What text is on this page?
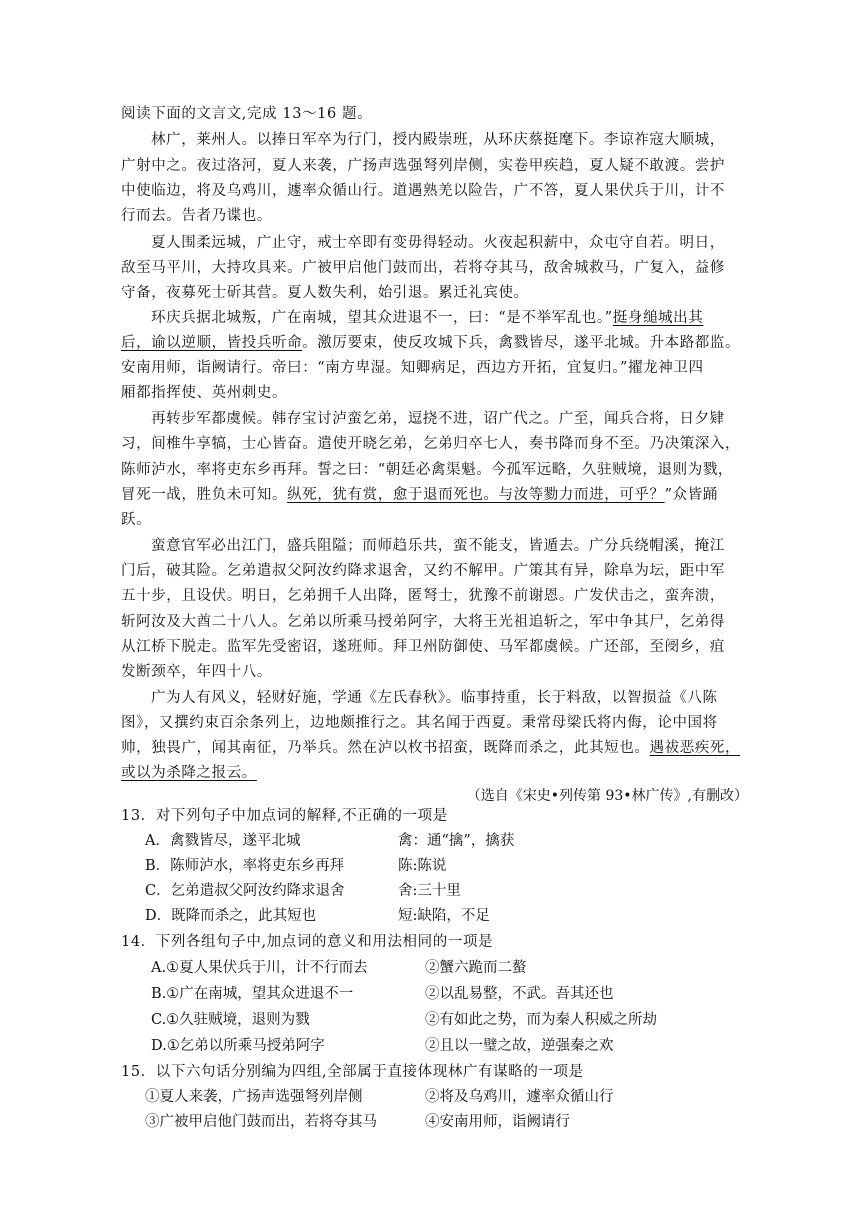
阅读下面的文言文,完成 13～16 题。
林广，莱州人。以捧日军卒为行门，授内殿崇班，从环庆蔡挺麾下。李谅祚寇大顺城，
广射中之。夜过洛河，夏人来袭，广扬声选强弩列岸侧，实卷甲疾趋，夏人疑不敢渡。尝护
中使临边，将及乌鸡川，遽率众循山行。道遇熟羌以险告，广不答，夏人果伏兵于川，计不
行而去。告者乃谍也。
夏人围柔远城，广止守，戒士卒即有变毋得轻动。火夜起积薪中，众屯守自若。明日，
敌至马平川，大持攻具来。广被甲启他门鼓而出，若将夺其马，敌舍城救马，广复入，益修
守备，夜募死士斫其营。夏人数失利，始引退。累迁礼宾使。
环庆兵据北城叛，广在南城，望其众进退不一，曰：“是不举军乱也。”挺身缒城出其
后，谕以逆顺，皆投兵听命。激厉要束，使反攻城下兵，禽戮皆尽，遂平北城。升本路都监。
安南用师，诣阙请行。帝曰：“南方卑湿。知卿病足，西边方开拓，宜复归。”擢龙神卫四
厢都指挥使、英州刺史。
再转步军都虞候。韩存宝讨泸蛮乞弟，逗挠不进，诏广代之。广至，闻兵合将，日夕肄
习，间椎牛享犒，士心皆奋。遣使开晓乞弟，乞弟归卒七人，奏书降而身不至。乃决策深入，
陈师泸水，率将吏东乡再拜。誓之曰：“朝廷必禽渠魁。今孤军远略，久驻贼境，退则为戮，
冒死一战，胜负未可知。纵死，犹有赏，愈于退而死也。与汝等勠力而进，可乎？”众皆踊
跃。
蛮意官军必出江门，盛兵阻隘；而师趋乐共，蛮不能支，皆遁去。广分兵绕帽溪，掩江
门后，破其险。乞弟遣叔父阿汝约降求退舍，又约不解甲。广策其有异，除阜为坛，距中军
五十步，且设伏。明日，乞弟拥千人出降，匿弩士，犹豫不前谢恩。广发伏击之，蛮奔溃，
斩阿汝及大酋二十八人。乞弟以所乘马授弟阿字，大将王光祖追斩之，军中争其尸，乞弟得
从江桥下脱走。监军先受密诏，遂班师。拜卫州防御使、马军都虞候。广还部，至阌乡，疽
发断颈卒，年四十八。
广为人有风义，轻财好施，学通《左氏春秋》。临事持重，长于料敌，以智损益《八陈
图》，又撰约束百余条列上，边地颇推行之。其名闻于西夏。秉常母梁氏将内侮，论中国将
帅，独畏广，闻其南征，乃举兵。然在泸以枚书招蛮，既降而杀之，此其短也。遇祓恶疾死，
或以为杀降之报云。
（选自《宋史•列传第 93•林广传》,有删改）
13．对下列句子中加点词的解释,不正确的一项是
A．禽戮皆尽，遂平北城	禽：通“擒”，擒获
B．陈师泸水，率将吏东乡再拜	陈:陈说
C．乞弟遣叔父阿汝约降求退舍	舍:三十里
D．既降而杀之，此其短也	短:缺陷，不足
14．下列各组句子中,加点词的意义和用法相同的一项是
A.①夏人果伏兵于川，计不行而去	②蟹六跪而二螯
B.①广在南城，望其众进退不一	②以乱易整，不武。吾其还也
C.①久驻贼境，退则为戮	②有如此之势，而为秦人积威之所劫
D.①乞弟以所乘马授弟阿字	②且以一璧之故，逆强秦之欢
15．以下六句话分别编为四组,全部属于直接体现林广有谋略的一项是
①夏人来袭，广扬声选强弩列岸侧	②将及乌鸡川，遽率众循山行
③广被甲启他门鼓而出，若将夺其马	④安南用师，诣阙请行
